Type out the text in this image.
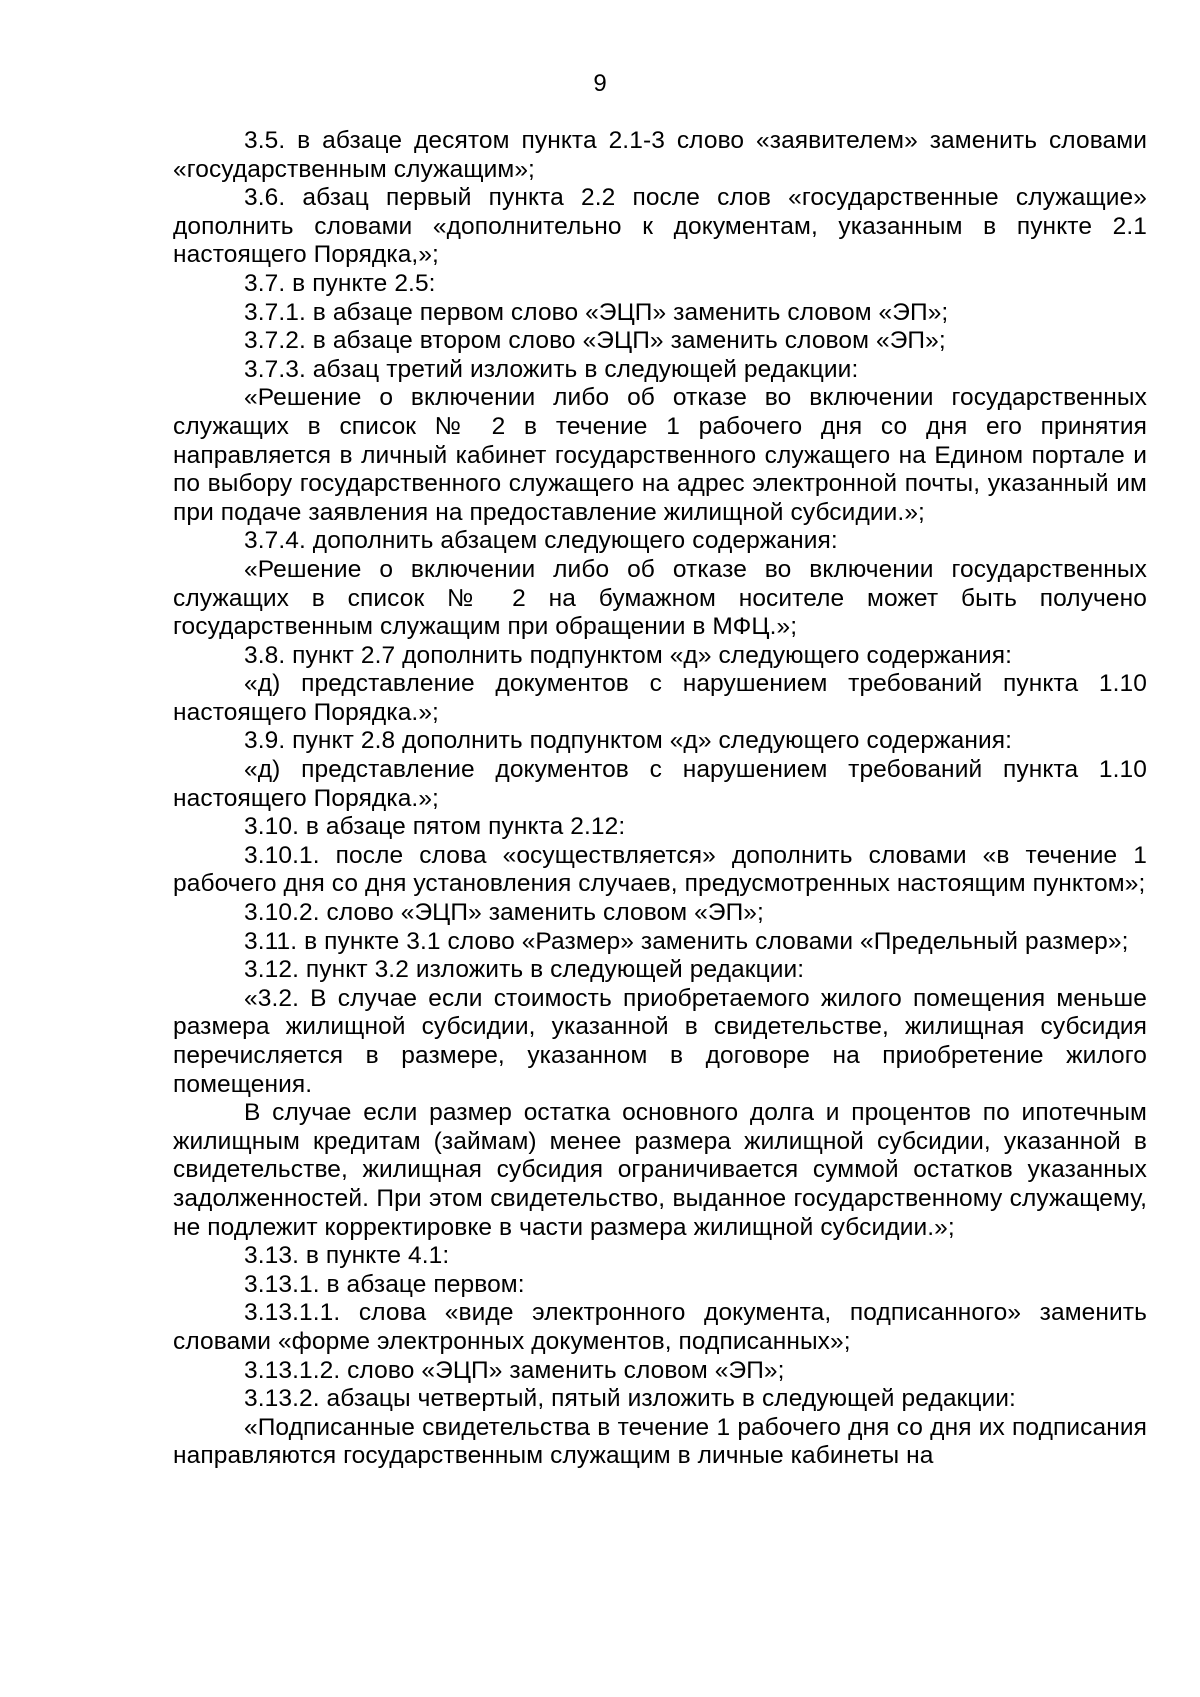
9

3.5. в абзаце десятом пункта 2.1-3 слово «заявителем» заменить словами «государственным служащим»;

3.6. абзац первый пункта 2.2 после слов «государственные служащие» дополнить словами «дополнительно к документам, указанным в пункте 2.1 настоящего Порядка,»;

3.7. в пункте 2.5:

3.7.1. в абзаце первом слово «ЭЦП» заменить словом «ЭП»;

3.7.2. в абзаце втором слово «ЭЦП» заменить словом «ЭП»;

3.7.3. абзац третий изложить в следующей редакции:

«Решение о включении либо об отказе во включении государственных служащих в список № 2 в течение 1 рабочего дня со дня его принятия направляется в личный кабинет государственного служащего на Едином портале и по выбору государственного служащего на адрес электронной почты, указанный им при подаче заявления на предоставление жилищной субсидии.»;

3.7.4. дополнить абзацем следующего содержания:

«Решение о включении либо об отказе во включении государственных служащих в список № 2 на бумажном носителе может быть получено государственным служащим при обращении в МФЦ.»;

3.8. пункт 2.7 дополнить подпунктом «д» следующего содержания:

«д) представление документов с нарушением требований пункта 1.10 настоящего Порядка.»;

3.9. пункт 2.8 дополнить подпунктом «д» следующего содержания:

«д) представление документов с нарушением требований пункта 1.10 настоящего Порядка.»;

3.10. в абзаце пятом пункта 2.12:

3.10.1. после слова «осуществляется» дополнить словами «в течение 1 рабочего дня со дня установления случаев, предусмотренных настоящим пунктом»;

3.10.2. слово «ЭЦП» заменить словом «ЭП»;

3.11. в пункте 3.1 слово «Размер» заменить словами «Предельный размер»;

3.12. пункт 3.2 изложить в следующей редакции:

«3.2. В случае если стоимость приобретаемого жилого помещения меньше размера жилищной субсидии, указанной в свидетельстве, жилищная субсидия перечисляется в размере, указанном в договоре на приобретение жилого помещения.

В случае если размер остатка основного долга и процентов по ипотечным жилищным кредитам (займам) менее размера жилищной субсидии, указанной в свидетельстве, жилищная субсидия ограничивается суммой остатков указанных задолженностей. При этом свидетельство, выданное государственному служащему, не подлежит корректировке в части размера жилищной субсидии.»;

3.13. в пункте 4.1:

3.13.1. в абзаце первом:

3.13.1.1. слова «виде электронного документа, подписанного» заменить словами «форме электронных документов, подписанных»;

3.13.1.2. слово «ЭЦП» заменить словом «ЭП»;

3.13.2. абзацы четвертый, пятый изложить в следующей редакции:

«Подписанные свидетельства в течение 1 рабочего дня со дня их подписания направляются государственным служащим в личные кабинеты на
